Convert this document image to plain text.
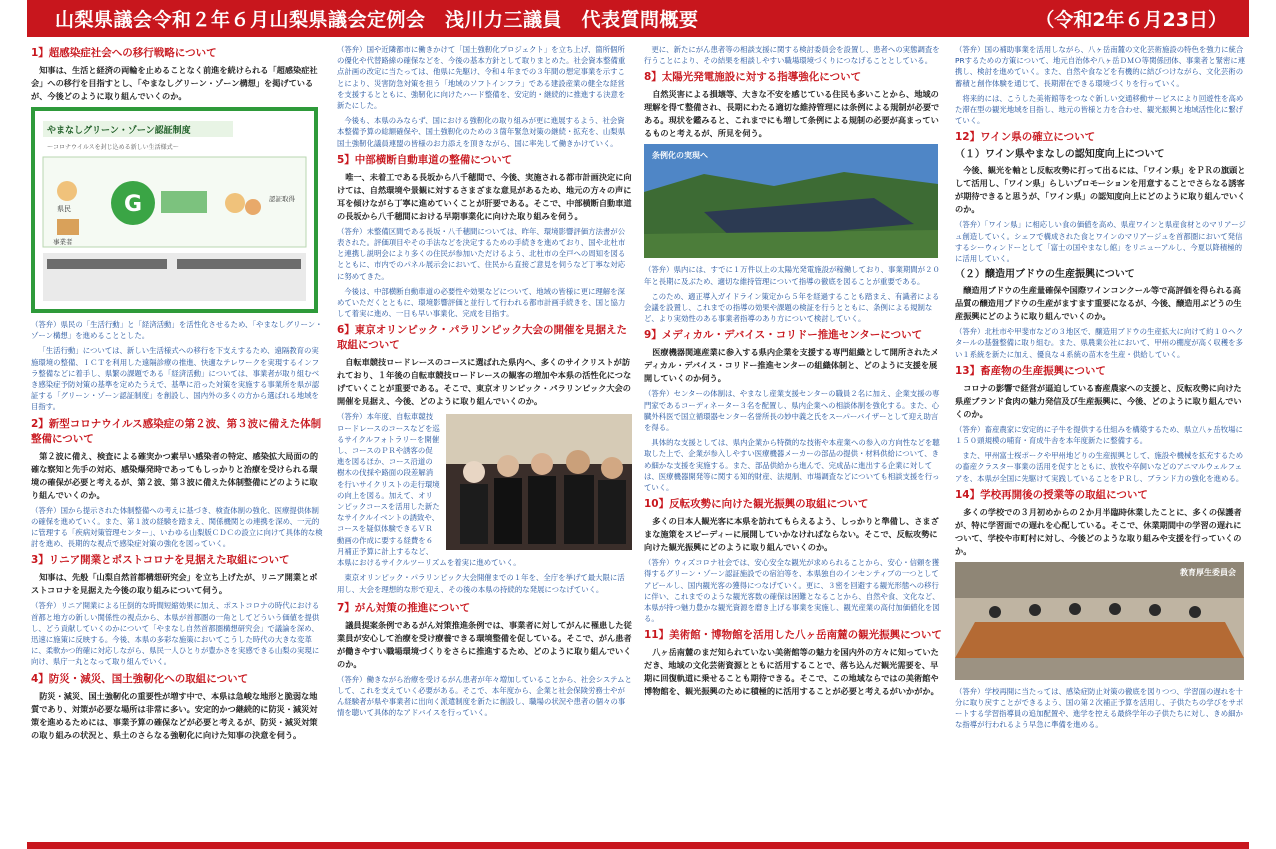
山梨県議会令和２年６月山梨県議会定例会　浅川力三議員　代表質問概要	（令和2年６月23日）
1】超感染症社会への移行戦略について

知事は、生活と経済の両輪を止めることなく前進を続けられる「超感染症社会」への移行を目指すとし、「やまなしグリーン・ゾーン構想」を掲げているが、今後どのように取り組んでいくのか。

やまなしグリーン・ゾーン認証制度
～コロナウイルスを封じ込める新しい生活様式～
県民
事業者
G	認証取得

（答弁）県民の「生活行動」と「経済活動」を活性化させるため、「やまなしグリーン・ゾーン構想」を進めることとした。

「生活行動」については、新しい生活様式への移行を下支えするため、遠隔教育の実施環境の整備、ＩＣＴを利用した遠隔診療の推進、快適なテレワークを実現するインフラ整備などに着手し、県繁の課題である「経済活動」については、事業者が取り組むべき感染症予防対策の基準を定めたうえで、基準に沿った対策を実施する事業所を県が認証する「グリーン・ゾーン認証制度」を創設し、国内外の多くの方から選ばれる地域を目指す。

2】新型コロナウイルス感染症の第２波、第３波に備えた体制整備について

第２波に備え、検査による確実かつ素早い感染者の特定、感染拡大局面の的確な察知と先手の対応、感染爆発時であってもしっかりと治療を受けられる環境の確保が必要と考えるが、第２波、第３波に備えた体制整備にどのように取り組んでいくのか。

（答弁）国から提示された体制整備への考えに基づき、検査体制の強化、医療提供体制の確保を進めていく。また、第１波の経験を踏まえ、関係機関との連携を深め、一元的に管理する「疾病対策管理センター」、いわゆる山梨版ＣＤＣの設立に向けて具体的な検討を進め、長期的な視点で感染症対策の強化を図っていく。

3】リニア開業とポストコロナを見据えた取組について

知事は、先般「山梨自然首都構想研究会」を立ち上げたが、リニア開業とポストコロナを見据えた今後の取り組みについて伺う。

（答弁）リニア開業による圧倒的な時間短縮効果に加え、ポストコロナの時代における首都と地方の新しい関係性の視点から、本県が首都圏の一角としてどういう価値を提供し、どう貢献していくのかについて「やまなし自然首都圏構想研究会」で議論を深め、迅速に施策に反映する。今後、本県の多彩な施策においてこうした時代の大きな変革に、柔軟かつ的確に対応しながら、県民一人ひとりが豊かさを実感できる山梨の実現に向け、県庁一丸となって取り組んでいく。

4】防災・減災、国土強靭化への取組について

防災・減災、国土強靭化の重要性が増す中で、本県は急峻な地形と脆弱な地質であり、対策が必要な場所は非常に多い。安定的かつ継続的に防災・減災対策を進めるためには、事業予算の確保などが必要と考えるが、防災・減災対策の取り組みの状況と、県土のさらなる強靭化に向けた知事の決意を伺う。

（答弁）国や近隣都市に働きかけて「国土強靭化プロジェクト」を立ち上げ、箇所個所の優化や代替路線の確保などを、今後の基本方針として取りまとめた。社会資本整備重点計画の改定に当たっては、他県に先駆け、令和４年までの３年間の想定事業を示すことにより、災害防急対策を担う「地域のソフトインフラ」である建設産業の健全な経営を支援するとともに、強靭化に向けたハード整備を、安定的・継続的に推進する決意を新たにした。

今後も、本県のみならず、国における強靭化の取り組みが更に進展するよう、社会資本整備予算の総額確保や、国土強靭化のための３箇年緊急対策の継続・拡充を、山梨県国土強靭化議員連盟の皆様のお力添えを頂きながら、国に率先して働きかけていく。

5】中部横断自動車道の整備について

唯一、未着工である長坂から八千穂間で、今後、実施される都市計画決定に向けては、自然環境や景観に対するさまざまな意見があるため、地元の方々の声に耳を傾けながら丁寧に進めていくことが肝要である。そこで、中部横断自動車道の長坂から八千穂間における早期事業化に向けた取り組みを伺う。

（答弁）未整備区間である長坂・八千穂間については、昨年、環境影響評価方法書が公表された。評価項目やその手法などを決定するための手続きを進めており、国や北杜市と連携し説明会により多くの住民が参加いただけるよう、北杜市の全戸への周知を図るとともに、市内でのパネル展示会において、住民から直接ご意見を伺うなど丁寧な対応に努めてきた。

今後は、中部横断自動車道の必要性や効果などについて、地域の皆様に更に理解を深めていただくとともに、環境影響評価と並行して行われる都市計画手続きを、国と協力して着実に進め、一日も早い事業化、完成を目指す。

6】東京オリンピック・パラリンピック大会の開催を見据えた取組について

自転車競技ロードレースのコースに選ばれた県内へ、多くのサイクリストが訪れており、１年後の自転車競技ロードレースの観客の増加や本県の活性化につなげていくことが重要である。そこで、東京オリンピック・パラリンピック大会の開催を見据え、今後、どのように取り組んでいくのか。

（答弁）本年度、自転車競技ロードレースのコースなどを巡るサイクルフォトラリーを開催し、コースのＰＲや誘客の促進を図るほか、コース沿道の樹木の伐採や路面の段差解消を行いサイクリストの走行環境の向上を図る。加えて、オリンピックコースを活用した新たなサイクルイベントの誘致や、コースを疑似体験できるＶＲ動画の作成に要する経費を６月補正予算に計上するなど、本県におけるサイクルツーリズムを着実に進めていく。

東京オリンピック・パラリンピック大会開催までの１年を、全庁を挙げて最大限に活用し、大会を理想的な形で迎え、その後の本県の持続的な発展につなげていく。

7】がん対策の推進について

議員提案条例であるがん対策推進条例では、事業者に対してがんに罹患した従業員が安心して治療を受け療養できる環境整備を促している。そこで、がん患者が働きやすい職場環境づくりをさらに推進するため、どのように取り組んでいくのか。

（答弁）働きながら治療を受けるがん患者が年々増加していることから、社会システムとして、これを支えていく必要がある。そこで、本年度から、企業と社会保険労務士やがん経験者が県や事業者に出向く派遣制度を新たに創設し、職場の状況や患者の個々の事情を聴いて具体的なアドバイスを行っていく。

更に、新たにがん患者等の相談支援に関する検討委員会を設置し、患者への実態調査を行うことにより、その結果を相談しやすい職場環境づくりにつなげることとしている。

8】太陽光発電施設に対する指導強化について

自然災害による損壊等、大きな不安を感じている住民も多いことから、地域の理解を得て整備され、長期にわたる適切な維持管理には条例による規制が必要である。現状を鑑みると、これまでにも増して条例による規制の必要が高まっているものと考えるが、所見を伺う。

条例化の実現へ

（答弁）県内には、すでに１万件以上の太陽光発電施設が稼働しており、事業期間が２０年と長期に及ぶため、適切な維持管理について指導の徹底を図ることが重要である。

このため、適正導入ガイドライン策定から５年を経過することも踏まえ、有識者による会議を設置し、これまでの指導の効果や課題の検証を行うとともに、条例による規制など、より実効性のある事業者指導のあり方について検討していく。

9】メディカル・デバイス・コリドー推進センターについて

医療機器関連産業に参入する県内企業を支援する専門組織として開所されたメディカル・デバイス・コリドー推進センターの組織体制と、どのように支援を展開していくのか伺う。

（答弁）センターの体制は、やまなし産業支援センターの職員２名に加え、企業支援の専門家であるコーディネーター３名を配置し、県内企業への相談体制を強化する。また、心臓外科医で国立循環器センター名誉所長の妙中義之氏をスーパーバイザーとして迎え助言を得る。

具体的な支援としては、県内企業から特徴的な技術や本産業への参入の方向性などを聴取した上で、企業が参入しやすい医療機器メーカーの部品の提供・材料供給について、きめ細かな支援を実施する。また、部品供給から進んで、完成品に進出する企業に対しては、医療機器開発等に関する知的財産、法規制、市場調査などについても相談支援を行っていく。

10】反転攻勢に向けた観光振興の取組について

多くの日本人観光客に本県を訪れてもらえるよう、しっかりと準備し、さまざまな施策をスピーディーに展開していかなければならない。そこで、反転攻勢に向けた観光振興にどのように取り組んでいくのか。

（答弁）ウィズコロナ社会では、安心安全な観光が求められることから、安心・信頼を獲得するグリーン・ゾーン認証施設での宿泊等を、本県独自のインセンティブの一つとしてアピールし、国内観光客の獲得につなげていく。更に、３密を回避する観光形態への移行に伴い、これまでのような観光客数の確保は困難となることから、自然や食、文化など、本県が持つ魅力豊かな観光資源を磨き上げる事業を実施し、観光産業の高付加価値化を図る。

11】美術館・博物館を活用した八ヶ岳南麓の観光振興について

八ヶ岳南麓のまだ知られていない美術館等の魅力を国内外の方々に知っていただき、地域の文化芸術資源とともに活用することで、落ち込んだ観光需要を、早期に回復軌道に乗せることも期待できる。そこで、この地域ならではの美術館や博物館を、観光振興のために積極的に活用することが必要と考えるがいかがか。

（答弁）国の補助事業を活用しながら、八ヶ岳南麓の文化芸術施設の特色を強力に統合PRするための方策について、地元自治体や八ヶ岳ＤＭＯ等関係団体、事業者と緊密に連携し、検討を進めていく。また、自然や食などを有機的に結びつけながら、文化芸術の蓄積と創作体験を通じて、長期滞在できる環境づくりを行っていく。

将来的には、こうした美術館等をつなぐ新しい交通移動サービスにより回遊性を高めた滞在型の観光地域を目指し、地元の皆様と力を合わせ、観光振興と地域活性化に繋げていく。

12】ワイン県の確立について
（１）ワイン県やまなしの認知度向上について

今後、観光を軸とし反転攻勢に打って出るには、「ワイン県」をＰＲの旗頭として活用し、「ワイン県」らしいプロモーションを用意することでさらなる誘客が期待できると思うが、「ワイン県」の認知度向上にどのように取り組んでいくのか。

（答弁）「ワイン県」に相応しい食の価値を高め、県産ワインと県産食材とのマリアージュ創造していく。シェフで構成された食とワインのマリアージュを首都圏において発信するシーウィンドーとして「富士の国やまなし館」をリニューアルし、今夏以降積極的に活用していく。

（２）醸造用ブドウの生産振興について

醸造用ブドウの生産量確保や国際ワインコンクール等で高評価を得られる高品質の醸造用ブドウの生産がますます重要になるが、今後、醸造用ぶどうの生産振興にどのように取り組んでいくのか。

（答弁）北杜市や甲斐市などの３地区で、醸造用ブドウの生産拡大に向けて約１０ヘクタールの基盤整備に取り組む。また、県農業公社において、甲州の棚度が高く収穫を多い１系統を新たに加え、優良な４系統の苗木を生産・供給していく。

13】畜産物の生産振興について

コロナの影響で経営が逼迫している畜産農家への支援と、反転攻勢に向けた県産ブランド食肉の魅力発信及び生産振興に、今後、どのように取り組んでいくのか。

（答弁）畜産農家に安定的に子牛を提供する仕組みを構築するため、県立八ヶ岳牧場に１５０頭規模の哺育・育成牛舎を本年度新たに整備する。

また、甲州富士桜ポークや甲州地どりの生産振興として、施設や機械を拡充するための畜産クラスター事業の活用を促すとともに、放牧や卒飼いなどのアニマルウェルフェアを、本県が全国に先駆けて実践していることをＰＲし、ブランド力の強化を進める。

14】学校再開後の授業等の取組について

多くの学校での３月初めからの２か月半臨時休業したことに、多くの保護者が、特に学習面での遅れを心配している。そこで、休業期間中の学習の遅れについて、学校や市町村に対し、今後どのような取り組みや支援を行っていくのか。

教育厚生委員会

（答弁）学校再開に当たっては、感染症防止対策の徹底を図りつつ、学習面の遅れを十分に取り戻すことができるよう、国の第２次補正予算を活用し、子供たちの学びをサポートする学習指導員の追加配置や、進学を控える最終学年の子供たちに対し、きめ細かな指導が行われるよう早急に準備を進める。
